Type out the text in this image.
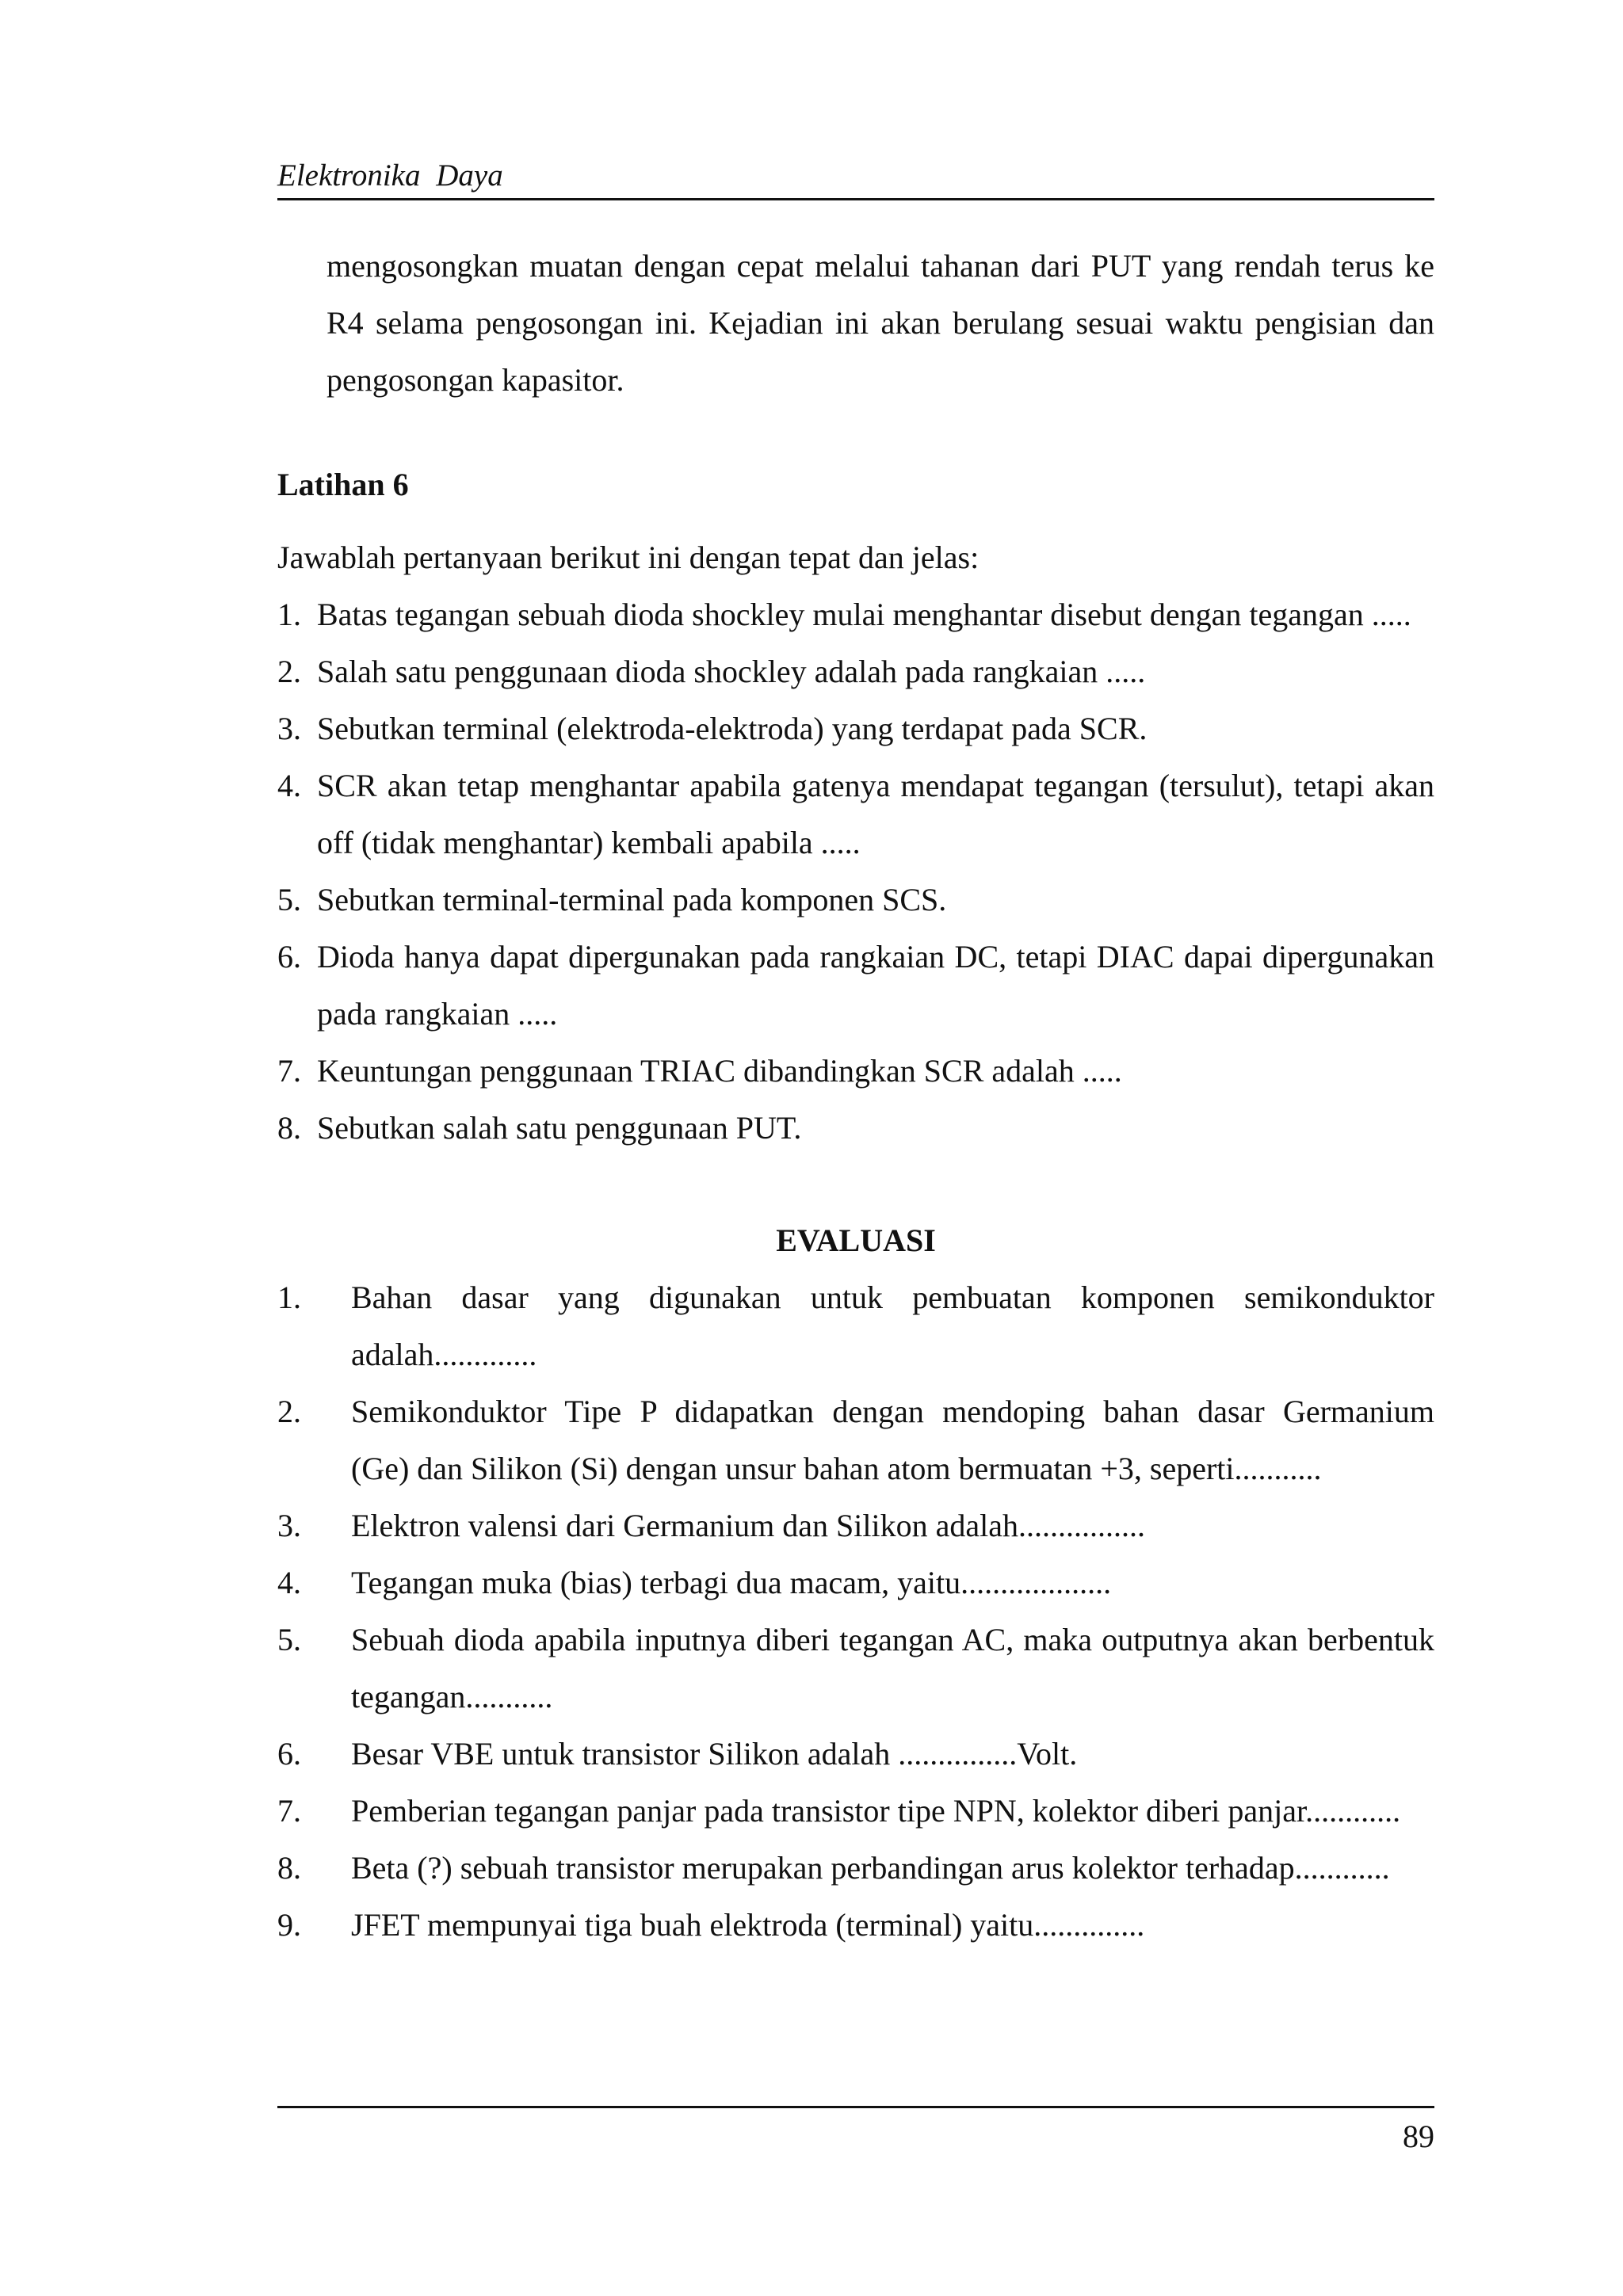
Elektronika Daya

mengosongkan muatan dengan cepat melalui tahanan dari PUT yang rendah terus ke R4 selama pengosongan ini. Kejadian ini akan berulang sesuai waktu pengisian dan pengosongan kapasitor.

Latihan 6

Jawablah pertanyaan berikut ini dengan tepat dan jelas:

1. Batas tegangan sebuah dioda shockley mulai menghantar disebut dengan tegangan .....
2. Salah satu penggunaan dioda shockley adalah pada rangkaian .....
3. Sebutkan terminal (elektroda-elektroda) yang terdapat pada SCR.
4. SCR akan tetap menghantar apabila gatenya mendapat tegangan (tersulut), tetapi akan off (tidak menghantar) kembali apabila .....
5. Sebutkan terminal-terminal pada komponen SCS.
6. Dioda hanya dapat dipergunakan pada rangkaian DC, tetapi DIAC dapai dipergunakan pada rangkaian .....
7. Keuntungan penggunaan TRIAC dibandingkan SCR adalah .....
8. Sebutkan salah satu penggunaan PUT.
EVALUASI
1. Bahan dasar yang digunakan untuk pembuatan komponen semikonduktor
adalah.............
2. Semikonduktor Tipe P didapatkan dengan mendoping bahan dasar Germanium
(Ge) dan Silikon (Si) dengan unsur bahan atom bermuatan +3, seperti...........
3. Elektron valensi dari Germanium dan Silikon adalah................
4. Tegangan muka (bias) terbagi dua macam, yaitu...................
5. Sebuah dioda apabila inputnya diberi tegangan AC, maka outputnya akan berbentuk
tegangan...........
6. Besar VBE untuk transistor Silikon adalah ...............Volt.
7. Pemberian tegangan panjar pada transistor tipe NPN, kolektor diberi panjar............
8. Beta (?) sebuah transistor merupakan perbandingan arus kolektor terhadap............
9. JFET mempunyai tiga buah elektroda (terminal) yaitu..............
89
